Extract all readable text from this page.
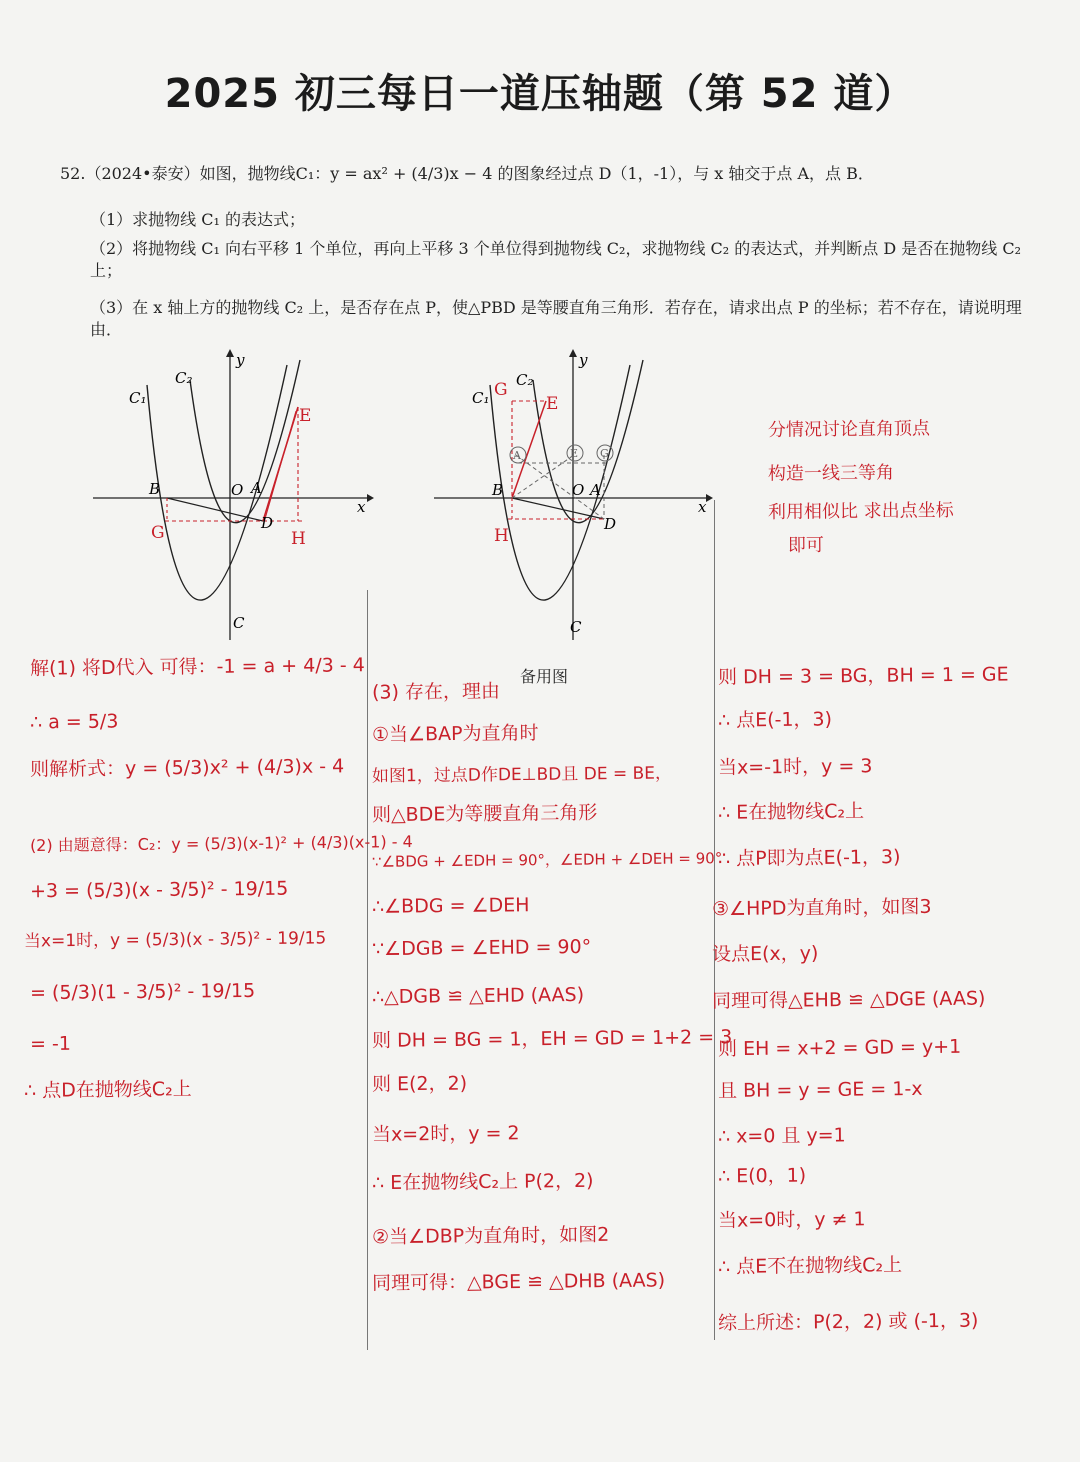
2025 初三每日一道压轴题（第 52 道）
52.（2024•泰安）如图，抛物线C₁：y = ax² + (4/3)x − 4 的图象经过点 D（1，-1），与 x 轴交于点 A，点 B．
（1）求抛物线 C₁ 的表达式；
（2）将抛物线 C₁ 向右平移 1 个单位，再向上平移 3 个单位得到抛物线 C₂，求抛物线 C₂ 的表达式，并判断点 D 是否在抛物线 C₂ 上；
（3）在 x 轴上方的抛物线 C₂ 上，是否存在点 P，使△PBD 是等腰直角三角形．若存在，请求出点 P 的坐标；若不存在，请说明理由．
y
x
C₁
C₂
B	O A
D
C
E
G	H
A	E G
y
x
C₁
C₂
B	O A
D
C
E
G
H
备用图
分情况讨论直角顶点
构造一线三等角
利用相似比 求出点坐标
即可
解(1) 将D代入 可得：-1 = a + 4/3 - 4
∴ a = 5/3
则解析式：y = (5/3)x² + (4/3)x - 4
(2) 由题意得：C₂：y = (5/3)(x-1)² + (4/3)(x-1) - 4
+3 = (5/3)(x - 3/5)² - 19/15
当x=1时，y = (5/3)(x - 3/5)² - 19/15
= (5/3)(1 - 3/5)² - 19/15
= -1
∴ 点D在抛物线C₂上
(3) 存在，理由
①当∠BAP为直角时
如图1，过点D作DE⊥BD且 DE = BE，
则△BDE为等腰直角三角形
∵∠BDG + ∠EDH = 90°，∠EDH + ∠DEH = 90°
∴∠BDG = ∠DEH
∵∠DGB = ∠EHD = 90°
∴△DGB ≌ △EHD (AAS)
则 DH = BG = 1，EH = GD = 1+2 = 3
则 E(2，2)
当x=2时，y = 2
∴ E在抛物线C₂上 P(2，2)
②当∠DBP为直角时，如图2
同理可得：△BGE ≌ △DHB (AAS)
则 DH = 3 = BG，BH = 1 = GE
∴ 点E(-1，3)
当x=-1时，y = 3
∴ E在抛物线C₂上
∴ 点P即为点E(-1，3)
③∠HPD为直角时，如图3
设点E(x，y)
同理可得△EHB ≌ △DGE (AAS)
则 EH = x+2 = GD = y+1
且 BH = y = GE = 1-x
∴ x=0 且 y=1
∴ E(0，1)
当x=0时，y ≠ 1
∴ 点E不在抛物线C₂上
综上所述：P(2，2) 或 (-1，3)
